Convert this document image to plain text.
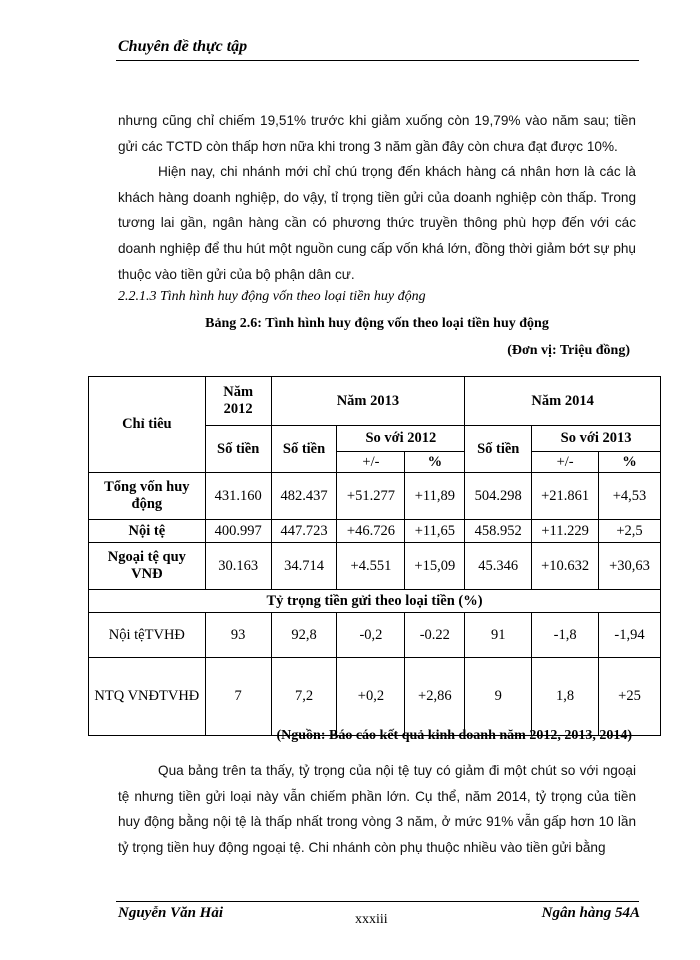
Chuyên đề thực tập

nhưng cũng chỉ chiếm 19,51% trước khi giảm xuống còn 19,79% vào năm sau; tiền gửi các TCTD còn thấp hơn nữa khi trong 3 năm gần đây còn chưa đạt được 10%.

Hiện nay, chi nhánh mới chỉ chú trọng đến khách hàng cá nhân hơn là các là khách hàng doanh nghiệp, do vậy, tỉ trọng tiền gửi của doanh nghiệp còn thấp. Trong tương lai gần, ngân hàng cần có phương thức truyền thông phù hợp đến với các doanh nghiệp để thu hút một nguồn cung cấp vốn khá lớn, đồng thời giảm bớt sự phụ thuộc vào tiền gửi của bộ phận dân cư.

2.2.1.3 Tình hình huy động vốn theo loại tiền huy động
Bảng 2.6: Tình hình huy động vốn theo loại tiền huy động
(Đơn vị: Triệu đồng)
Chỉ tiêu	Năm 2012	Năm 2013			Năm 2014		
	Số tiền	Số tiền	So với 2012		Số tiền	So với 2013	
			+/-	%		+/-	%
Tổng vốn huy động	431.160	482.437	+51.277	+11,89	504.298	+21.861	+4,53
Nội tệ	400.997	447.723	+46.726	+11,65	458.952	+11.229	+2,5
Ngoại tệ quy VNĐ	30.163	34.714	+4.551	+15,09	45.346	+10.632	+30,63
Tỷ trọng tiền gửi theo loại tiền (%)							
Nội tệTVHĐ	93	92,8	-0,2	-0.22	91	-1,8	-1,94
NTQ VNĐTVHĐ	7	7,2	+0,2	+2,86	9	1,8	+25
(Nguồn: Báo cáo kết quả kinh doanh năm 2012, 2013, 2014)

Qua bảng trên ta thấy, tỷ trọng của nội tệ tuy có giảm đi một chút so với ngoại tệ nhưng tiền gửi loại này vẫn chiếm phần lớn. Cụ thể, năm 2014, tỷ trọng của tiền huy động bằng nội tệ là thấp nhất trong vòng 3 năm, ở mức 91% vẫn gấp hơn 10 lần tỷ trọng tiền huy động ngoại tệ. Chi nhánh còn phụ thuộc nhiều vào tiền gửi bằng

Nguyễn Văn Hải	xxxiii	Ngân hàng 54A
